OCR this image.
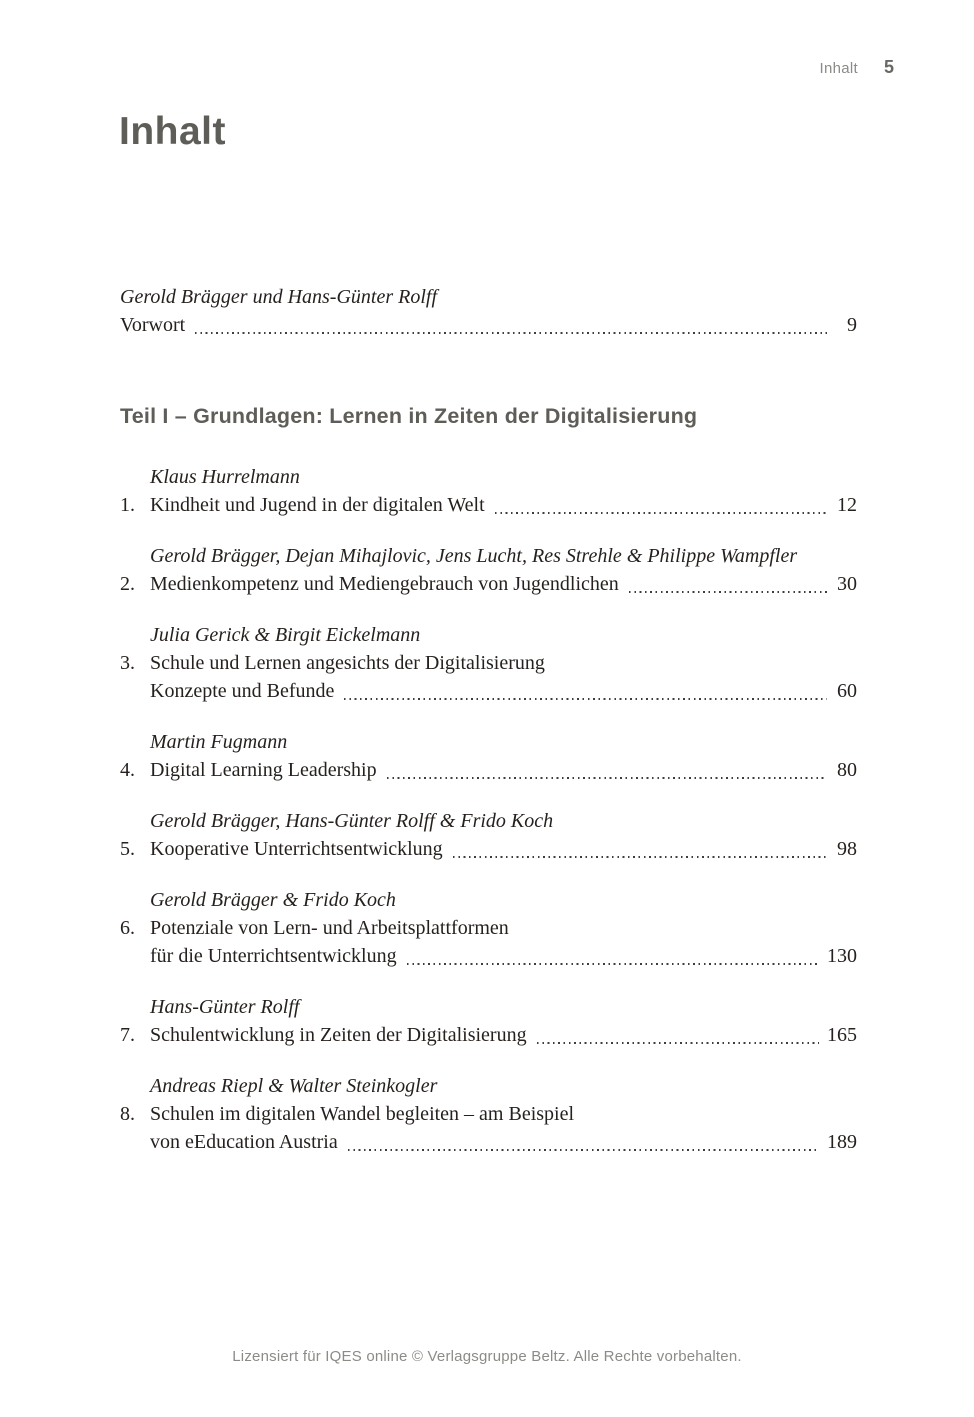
Inhalt 5
Inhalt

Gerold Brägger und Hans-Günter Rolff

Vorwort	9
Teil I – Grundlagen: Lernen in Zeiten der Digitalisierung

Klaus Hurrelmann

1. Kindheit und Jugend in der digitalen Welt	12

Gerold Brägger, Dejan Mihajlovic, Jens Lucht, Res Strehle & Philippe Wampfler

2. Medienkompetenz und Mediengebrauch von Jugendlichen	30

Julia Gerick & Birgit Eickelmann

3. Schule und Lernen angesichts der Digitalisierung
Konzepte und Befunde	60

Martin Fugmann

4. Digital Learning Leadership	80

Gerold Brägger, Hans-Günter Rolff & Frido Koch

5. Kooperative Unterrichtsentwicklung	98

Gerold Brägger & Frido Koch

6. Potenziale von Lern- und Arbeitsplattformen
für die Unterrichtsentwicklung	130

Hans-Günter Rolff

7. Schulentwicklung in Zeiten der Digitalisierung	165

Andreas Riepl & Walter Steinkogler

8. Schulen im digitalen Wandel begleiten – am Beispiel
von eEducation Austria	189
Lizensiert für IQES online © Verlagsgruppe Beltz. Alle Rechte vorbehalten.
